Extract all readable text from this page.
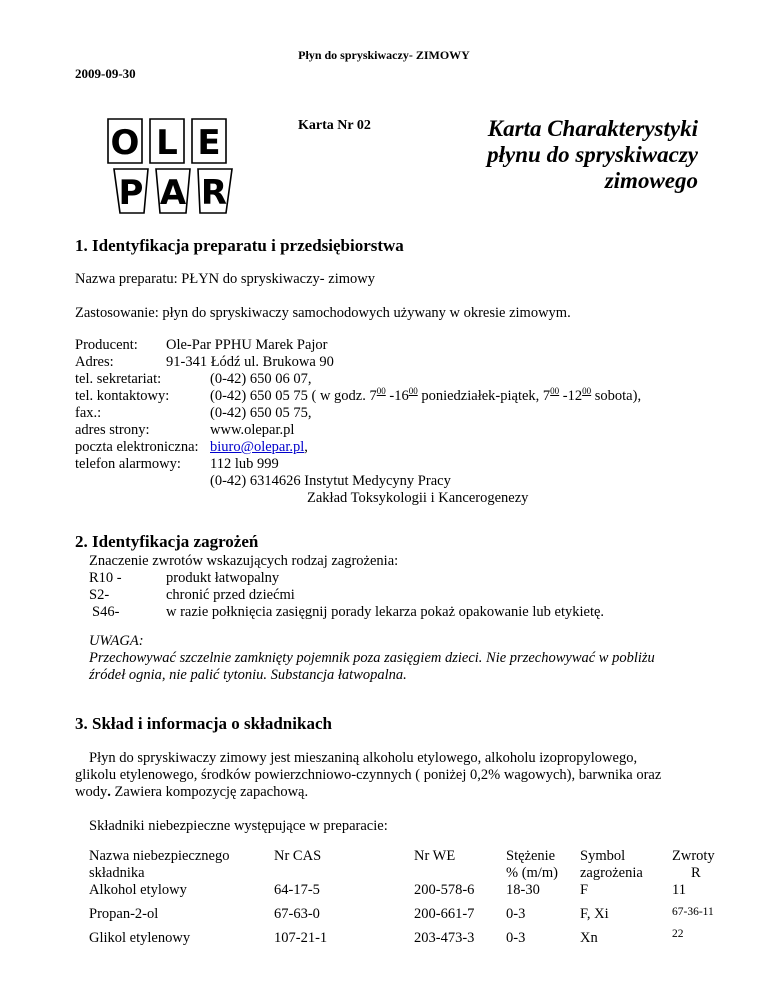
Płyn do spryskiwaczy- ZIMOWY
2009-09-30
Karta Nr 02	Karta Charakterystyki
płynu do spryskiwaczy
zimowego
O L E
P A R
1. Identyfikacja preparatu i przedsiębiorstwa
Nazwa preparatu: PŁYN do spryskiwaczy- zimowy
Zastosowanie: płyn do spryskiwaczy samochodowych używany w okresie zimowym.
Producent: Ole-Par PPHU Marek Pajor
Adres:	91-341 Łódź ul. Brukowa 90
tel. sekretariat:	(0-42) 650 06 07,
tel. kontaktowy:	(0-42) 650 05 75 ( w godz. $7^{00}$ $-16^{00}$ poniedziałek-piątek, $7^{00}$ $-12^{00}$ sobota),
fax.:	(0-42) 650 05 75,
adres strony:	www.olepar.pl
poczta elektroniczna: biuro@olepar.pl,
telefon alarmowy: 112 lub 999
(0-42) 6314626 Instytut Medycyny Pracy
Zakład Toksykologii i Kancerogenezy
2. Identyfikacja zagrożeń
Znaczenie zwrotów wskazujących rodzaj zagrożenia:
R10 -	produkt łatwopalny
S2-	chronić przed dziećmi
S46-	w razie połknięcia zasięgnij porady lekarza pokaż opakowanie lub etykietę.
UWAGA:
Przechowywać szczelnie zamknięty pojemnik poza zasięgiem dzieci. Nie przechowywać w pobliżu
źródeł ognia, nie palić tytoniu. Substancja łatwopalna.
3. Skład i informacja o składnikach
Płyn do spryskiwaczy zimowy jest mieszaniną alkoholu etylowego, alkoholu izopropylowego,
glikolu etylenowego, środków powierzchniowo-czynnych ( poniżej 0,2% wagowych), barwnika oraz
wody. Zawiera kompozycję zapachową.
Składniki niebezpieczne występujące w preparacie:
Nazwa niebezpiecznego
składnika
Nr CAS	Nr WE	Stężenie
% (m/m)
Symbol
zagrożenia
Zwroty
R
Alkohol etylowy	64-17-5	200-578-6 18-30	F	11
Propan-2-ol	67-63-0	200-661-7 0-3	F, Xi	67-36-11
Glikol etylenowy	107-21-1	203-473-3 0-3	Xn	22
